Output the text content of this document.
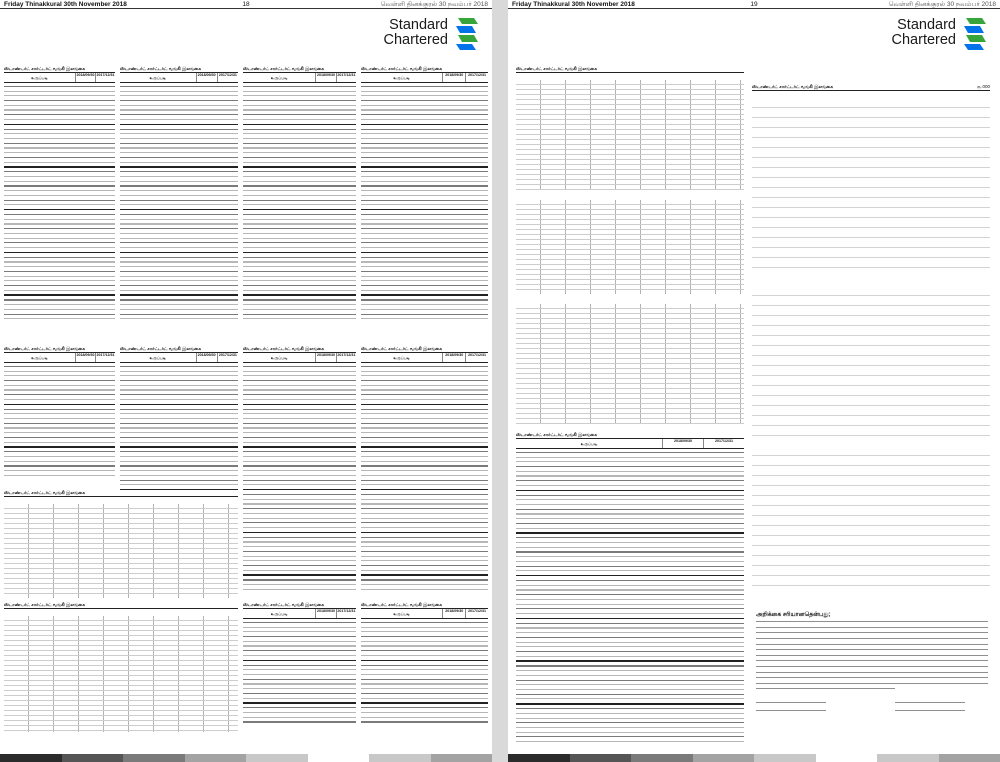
Friday Thinakkural 30th November 2018	18	வெள்ளி தினக்குரல் 30 நவம்பர் 2018
Standard
Chartered
ஸ்டாண்டர்ட் சார்ட்டர்ட் வங்கி இலங்கை
உருப்படி	2018/09/30 2017/12/31
ஸ்டாண்டர்ட் சார்ட்டர்ட் வங்கி இலங்கை
உருப்படி	2018/09/30 2017/12/31
ஸ்டாண்டர்ட் சார்ட்டர்ட் வங்கி இலங்கை
உருப்படி	2018/09/30 2017/12/31
ஸ்டாண்டர்ட் சார்ட்டர்ட் வங்கி இலங்கை
உருப்படி	2018/09/30	2017/12/31
ஸ்டாண்டர்ட் சார்ட்டர்ட் வங்கி இலங்கை
உருப்படி	2018/09/30 2017/12/31
ஸ்டாண்டர்ட் சார்ட்டர்ட் வங்கி இலங்கை
உருப்படி	2018/09/30 2017/12/31
ஸ்டாண்டர்ட் சார்ட்டர்ட் வங்கி இலங்கை
உருப்படி	2018/09/30 2017/12/31
ஸ்டாண்டர்ட் சார்ட்டர்ட் வங்கி இலங்கை
உருப்படி	2018/09/30	2017/12/31
ஸ்டாண்டர்ட் சார்ட்டர்ட் வங்கி இலங்கை
ஸ்டாண்டர்ட் சார்ட்டர்ட் வங்கி இலங்கை	ஸ்டாண்டர்ட் சார்ட்டர்ட் வங்கி இலங்கை
உருப்படி	2018/09/30 2017/12/31
ஸ்டாண்டர்ட் சார்ட்டர்ட் வங்கி இலங்கை
உருப்படி	2018/09/30	2017/12/31
Friday Thinakkural 30th November 2018	19	வெள்ளி தினக்குரல் 30 நவம்பர் 2018
Standard
Chartered
ஸ்டாண்டர்ட் சார்ட்டர்ட் வங்கி இலங்கை
ஸ்டாண்டர்ட் சார்ட்டர்ட் வங்கி இலங்கை
உருப்படி	2018/09/30	2017/12/31
ஸ்டாண்டர்ட் சார்ட்டர்ட் வங்கி இலங்கை	ரூ.000
அறிக்கை சரியானதென்பது;
